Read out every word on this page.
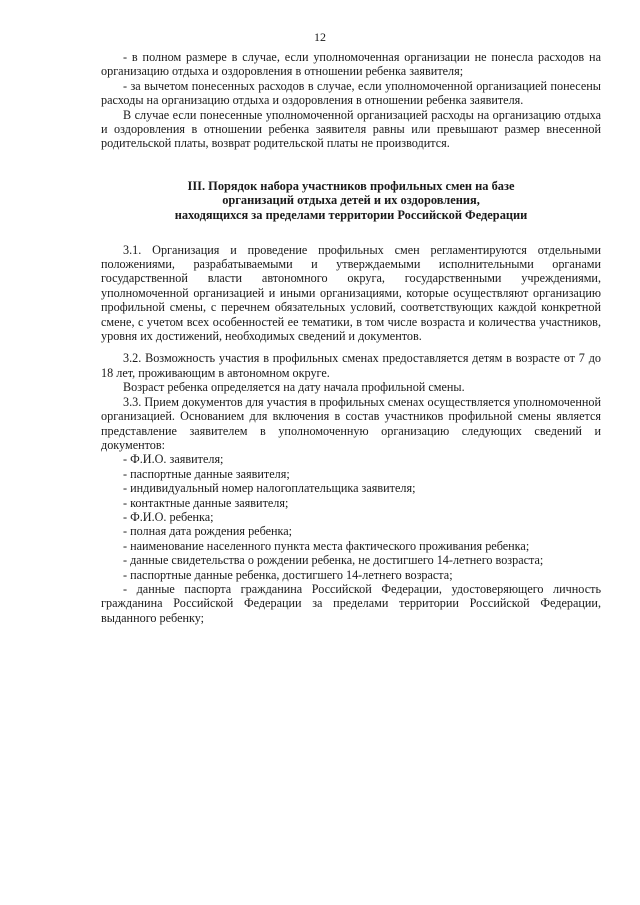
12

- в полном размере в случае, если уполномоченная организации не понесла расходов на организацию отдыха и оздоровления в отношении ребенка заявителя;

- за вычетом понесенных расходов в случае, если уполномоченной организацией понесены расходы на организацию отдыха и оздоровления в отношении ребенка заявителя.

В случае если понесенные уполномоченной организацией расходы на организацию отдыха и оздоровления в отношении ребенка заявителя равны или превышают размер внесенной родительской платы, возврат родительской платы не производится.

III. Порядок набора участников профильных смен на базе
организаций отдыха детей и их оздоровления,
находящихся за пределами территории Российской Федерации

3.1. Организация и проведение профильных смен регламентируются отдельными положениями, разрабатываемыми и утверждаемыми исполнительными органами государственной власти автономного округа, государственными учреждениями, уполномоченной организацией и иными организациями, которые осуществляют организацию профильной смены, с перечнем обязательных условий, соответствующих каждой конкретной смене, с учетом всех особенностей ее тематики, в том числе возраста и количества участников, уровня их достижений, необходимых сведений и документов.

3.2. Возможность участия в профильных сменах предоставляется детям в возрасте от 7 до 18 лет, проживающим в автономном округе.

Возраст ребенка определяется на дату начала профильной смены.

3.3. Прием документов для участия в профильных сменах осуществляется уполномоченной организацией. Основанием для включения в состав участников профильной смены является представление заявителем в уполномоченную организацию следующих сведений и документов:

- Ф.И.О. заявителя;

- паспортные данные заявителя;

- индивидуальный номер налогоплательщика заявителя;

- контактные данные заявителя;

- Ф.И.О. ребенка;

- полная дата рождения ребенка;

- наименование населенного пункта места фактического проживания ребенка;

- данные свидетельства о рождении ребенка, не достигшего 14-летнего возраста;

- паспортные данные ребенка, достигшего 14-летнего возраста;

- данные паспорта гражданина Российской Федерации, удостоверяющего личность гражданина Российской Федерации за пределами территории Российской Федерации, выданного ребенку;
